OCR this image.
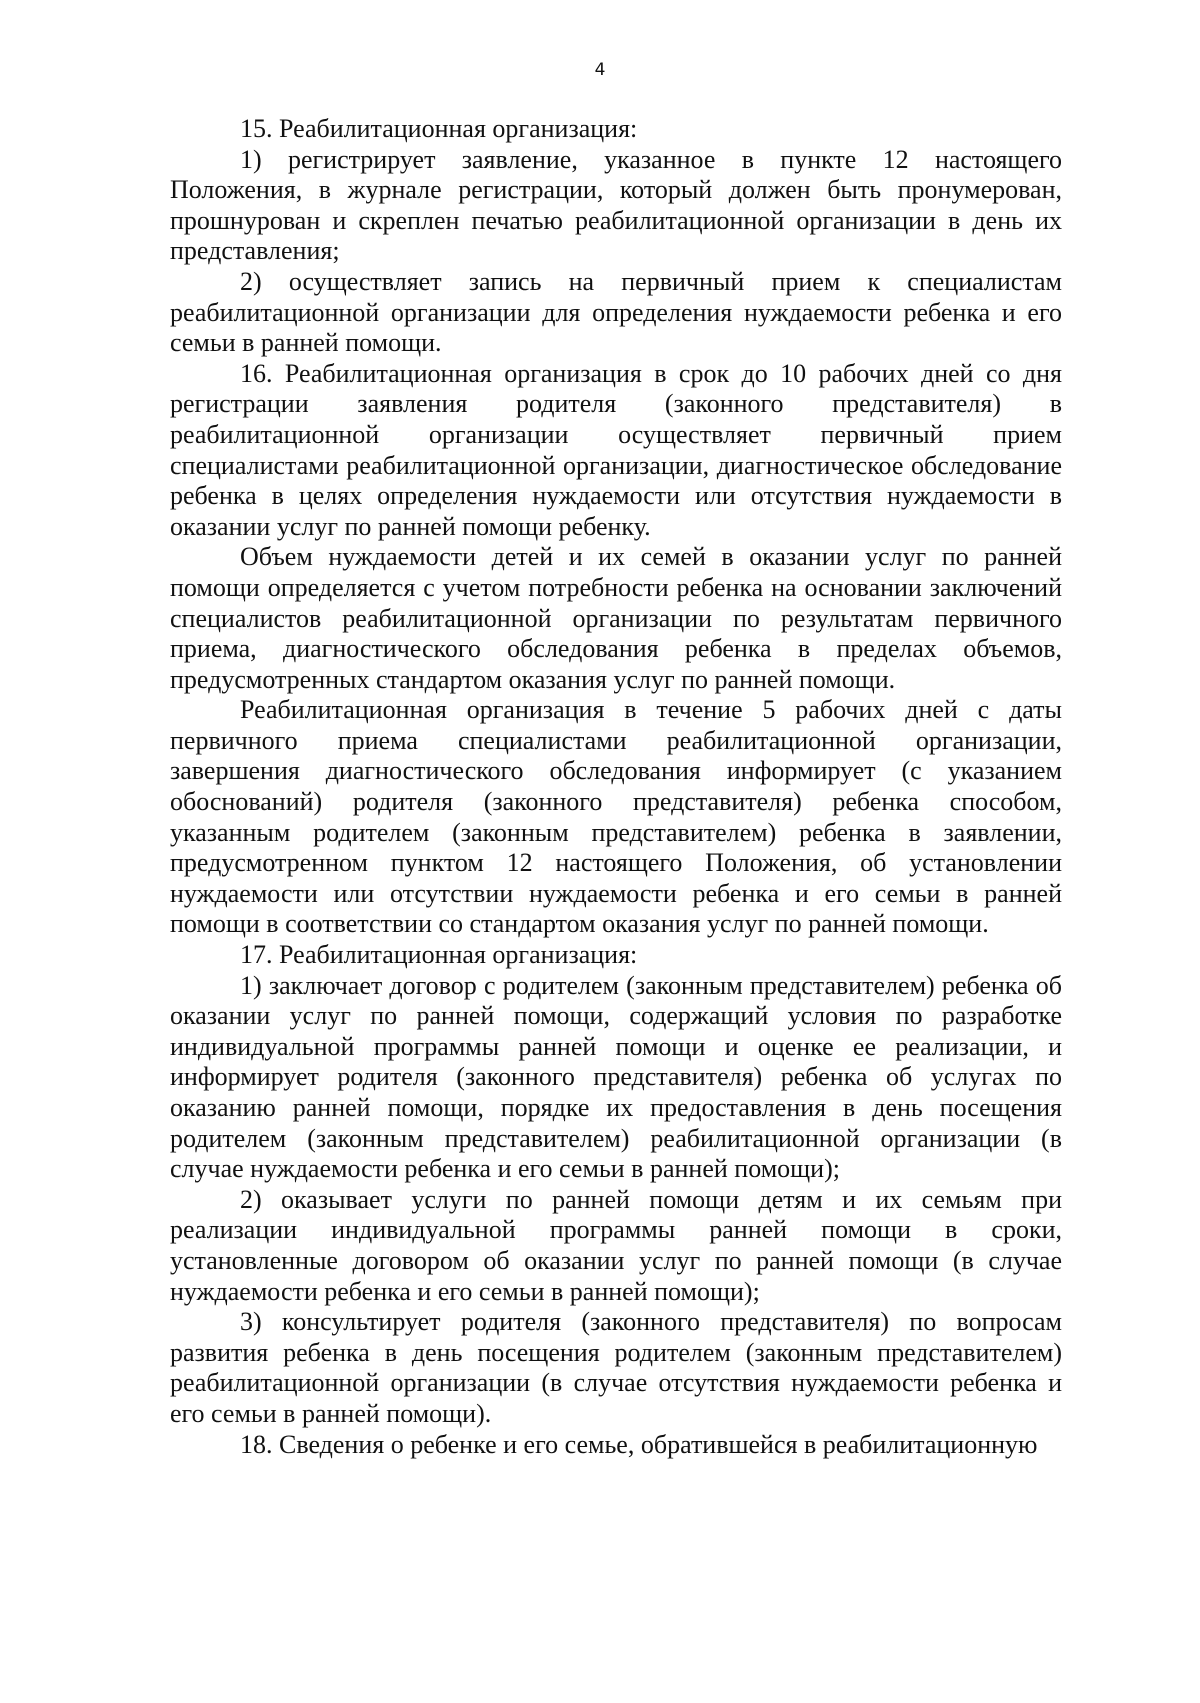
4

15. Реабилитационная организация:

1) регистрирует заявление, указанное в пункте 12 настоящего Положения, в журнале регистрации, который должен быть пронумерован, прошнурован и скреплен печатью реабилитационной организации в день их представления;

2) осуществляет запись на первичный прием к специалистам реабилитационной организации для определения нуждаемости ребенка и его семьи в ранней помощи.

16. Реабилитационная организация в срок до 10 рабочих дней со дня регистрации заявления родителя (законного представителя) в реабилитационной организации осуществляет первичный прием специалистами реабилитационной организации, диагностическое обследование ребенка в целях определения нуждаемости или отсутствия нуждаемости в оказании услуг по ранней помощи ребенку.

Объем нуждаемости детей и их семей в оказании услуг по ранней помощи определяется с учетом потребности ребенка на основании заключений специалистов реабилитационной организации по результатам первичного приема, диагностического обследования ребенка в пределах объемов, предусмотренных стандартом оказания услуг по ранней помощи.

Реабилитационная организация в течение 5 рабочих дней с даты первичного приема специалистами реабилитационной организации, завершения диагностического обследования информирует (с указанием обоснований) родителя (законного представителя) ребенка способом, указанным родителем (законным представителем) ребенка в заявлении, предусмотренном пунктом 12 настоящего Положения, об установлении нуждаемости или отсутствии нуждаемости ребенка и его семьи в ранней помощи в соответствии со стандартом оказания услуг по ранней помощи.

17. Реабилитационная организация:

1) заключает договор с родителем (законным представителем) ребенка об оказании услуг по ранней помощи, содержащий условия по разработке индивидуальной программы ранней помощи и оценке ее реализации, и информирует родителя (законного представителя) ребенка об услугах по оказанию ранней помощи, порядке их предоставления в день посещения родителем (законным представителем) реабилитационной организации (в случае нуждаемости ребенка и его семьи в ранней помощи);

2) оказывает услуги по ранней помощи детям и их семьям при реализации индивидуальной программы ранней помощи в сроки, установленные договором об оказании услуг по ранней помощи (в случае нуждаемости ребенка и его семьи в ранней помощи);

3) консультирует родителя (законного представителя) по вопросам развития ребенка в день посещения родителем (законным представителем) реабилитационной организации (в случае отсутствия нуждаемости ребенка и его семьи в ранней помощи).

18. Сведения о ребенке и его семье, обратившейся в реабилитационную
